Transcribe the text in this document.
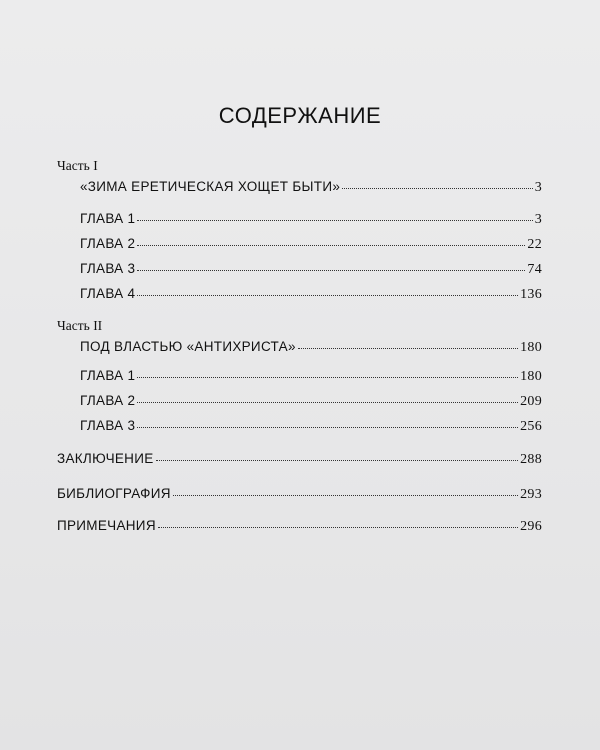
СОДЕРЖАНИЕ
Часть I
«ЗИМА ЕРЕТИЧЕСКАЯ ХОЩЕТ БЫТИ»	3
ГЛАВА 1	3
ГЛАВА 2	22
ГЛАВА 3	74
ГЛАВА 4	136
Часть II
ПОД ВЛАСТЬЮ «АНТИХРИСТА»	180
ГЛАВА 1	180
ГЛАВА 2	209
ГЛАВА 3	256
ЗАКЛЮЧЕНИЕ	288
БИБЛИОГРАФИЯ	293
ПРИМЕЧАНИЯ	296
